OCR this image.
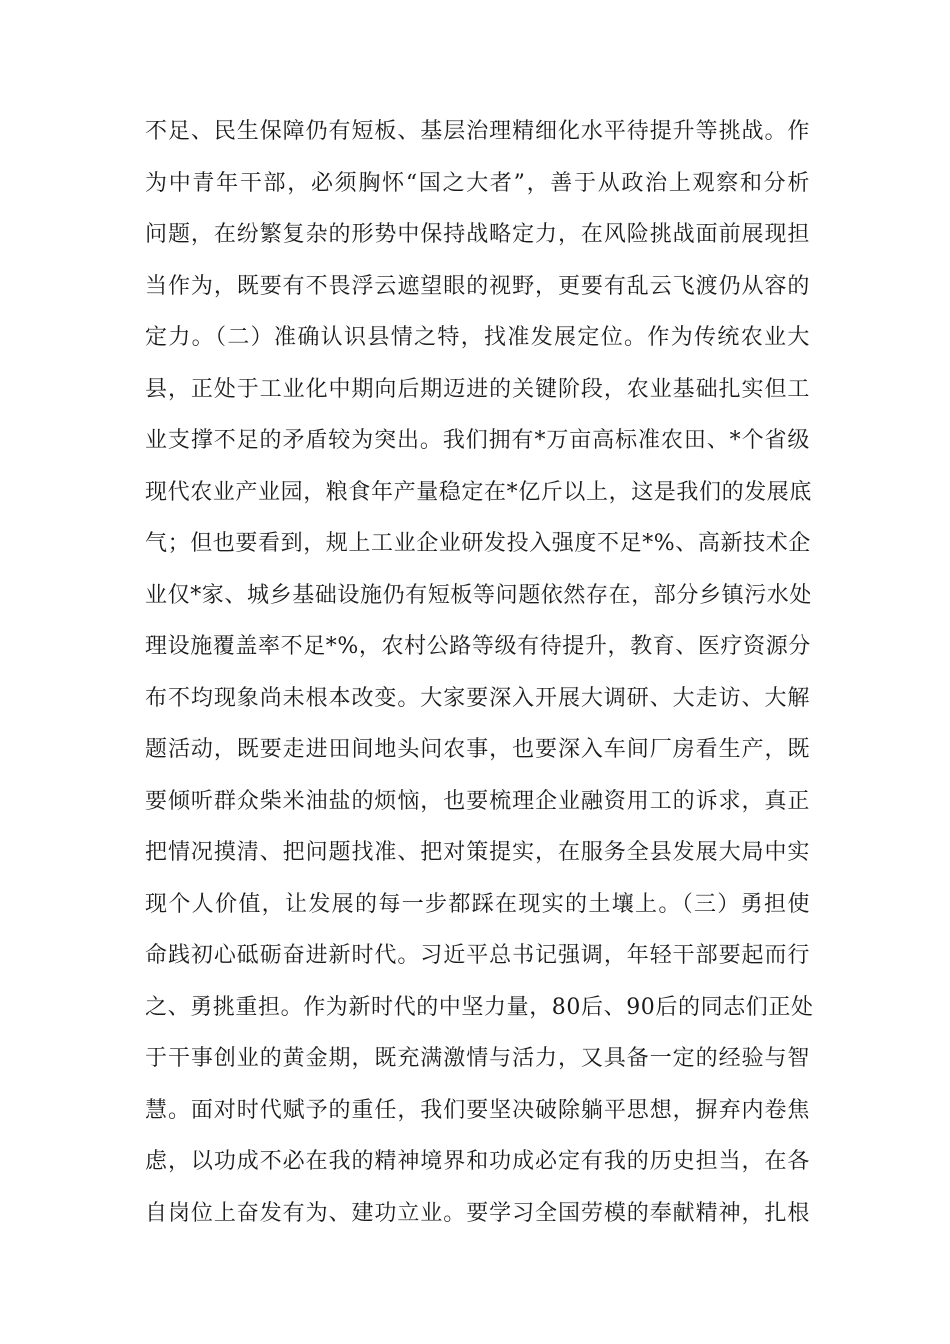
不足、民生保障仍有短板、基层治理精细化水平待提升等挑战。作
为中青年干部，必须胸怀“国之大者”，善于从政治上观察和分析
问题，在纷繁复杂的形势中保持战略定力，在风险挑战面前展现担
当作为，既要有不畏浮云遮望眼的视野，更要有乱云飞渡仍从容的
定力。（二）准确认识县情之特，找准发展定位。作为传统农业大
县，正处于工业化中期向后期迈进的关键阶段，农业基础扎实但工
业支撑不足的矛盾较为突出。我们拥有*万亩高标准农田、*个省级
现代农业产业园，粮食年产量稳定在*亿斤以上，这是我们的发展底
气；但也要看到，规上工业企业研发投入强度不足*%、高新技术企
业仅*家、城乡基础设施仍有短板等问题依然存在，部分乡镇污水处
理设施覆盖率不足*%，农村公路等级有待提升，教育、医疗资源分
布不均现象尚未根本改变。大家要深入开展大调研、大走访、大解
题活动，既要走进田间地头问农事，也要深入车间厂房看生产，既
要倾听群众柴米油盐的烦恼，也要梳理企业融资用工的诉求，真正
把情况摸清、把问题找准、把对策提实，在服务全县发展大局中实
现个人价值，让发展的每一步都踩在现实的土壤上。（三）勇担使
命践初心砥砺奋进新时代。习近平总书记强调，年轻干部要起而行
之、勇挑重担。作为新时代的中坚力量，80后、90后的同志们正处
于干事创业的黄金期，既充满激情与活力，又具备一定的经验与智
慧。面对时代赋予的重任，我们要坚决破除躺平思想，摒弃内卷焦
虑，以功成不必在我的精神境界和功成必定有我的历史担当，在各
自岗位上奋发有为、建功立业。要学习全国劳模的奉献精神，扎根
